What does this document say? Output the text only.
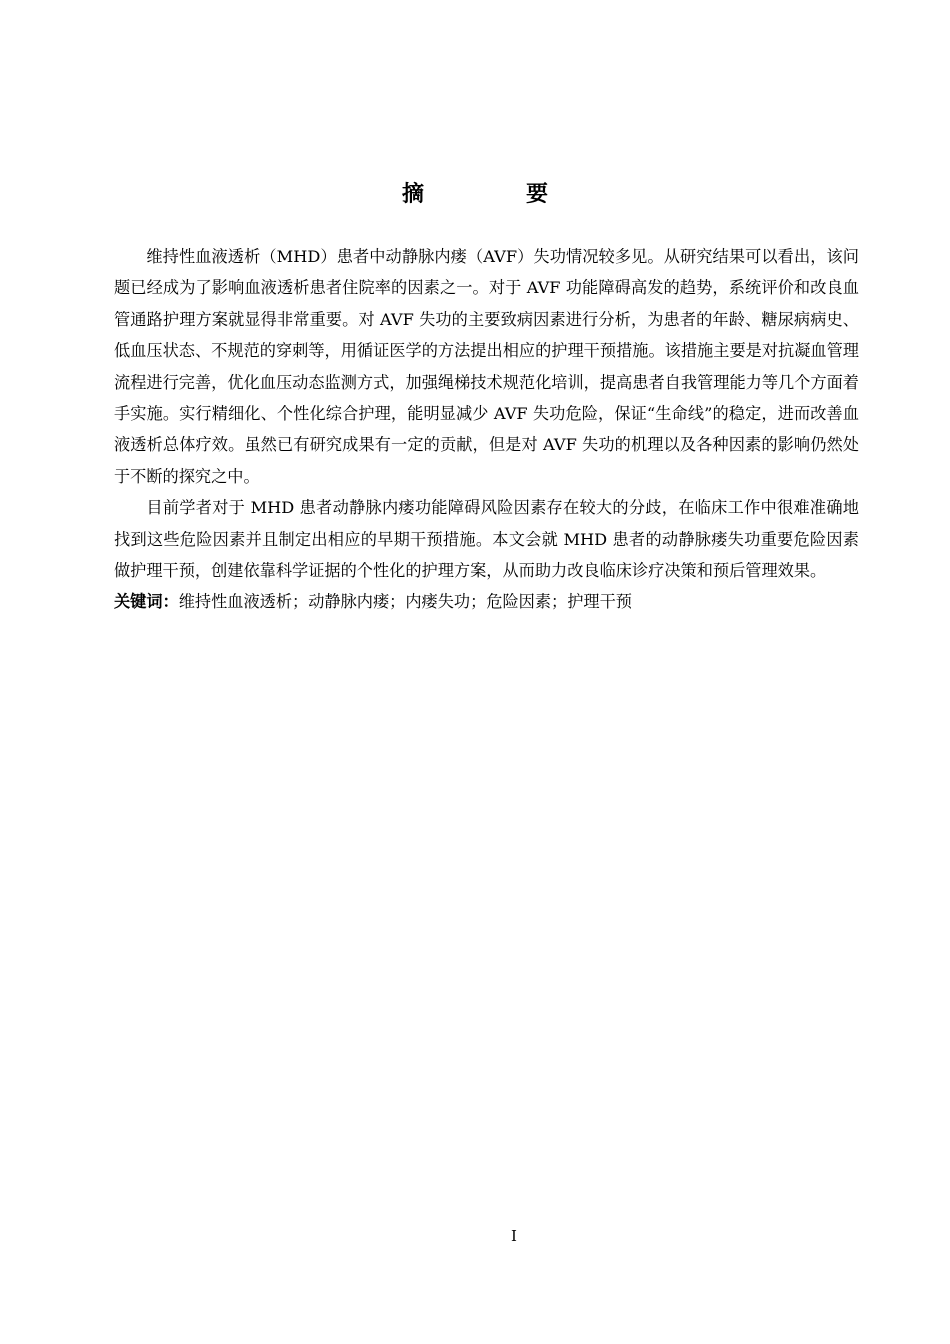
摘　要

维持性血液透析（MHD）患者中动静脉内瘘（AVF）失功情况较多见。从研究结果可以看出，该问题已经成为了影响血液透析患者住院率的因素之一。对于 AVF 功能障碍高发的趋势，系统评价和改良血管通路护理方案就显得非常重要。对 AVF 失功的主要致病因素进行分析，为患者的年龄、糖尿病病史、低血压状态、不规范的穿刺等，用循证医学的方法提出相应的护理干预措施。该措施主要是对抗凝血管理流程进行完善，优化血压动态监测方式，加强绳梯技术规范化培训，提高患者自我管理能力等几个方面着手实施。实行精细化、个性化综合护理，能明显减少 AVF 失功危险，保证“生命线”的稳定，进而改善血液透析总体疗效。虽然已有研究成果有一定的贡献，但是对 AVF 失功的机理以及各种因素的影响仍然处于不断的探究之中。

目前学者对于 MHD 患者动静脉内瘘功能障碍风险因素存在较大的分歧，在临床工作中很难准确地找到这些危险因素并且制定出相应的早期干预措施。本文会就 MHD 患者的动静脉瘘失功重要危险因素做护理干预，创建依靠科学证据的个性化的护理方案，从而助力改良临床诊疗决策和预后管理效果。

关键词：维持性血液透析；动静脉内瘘；内瘘失功；危险因素；护理干预
I
